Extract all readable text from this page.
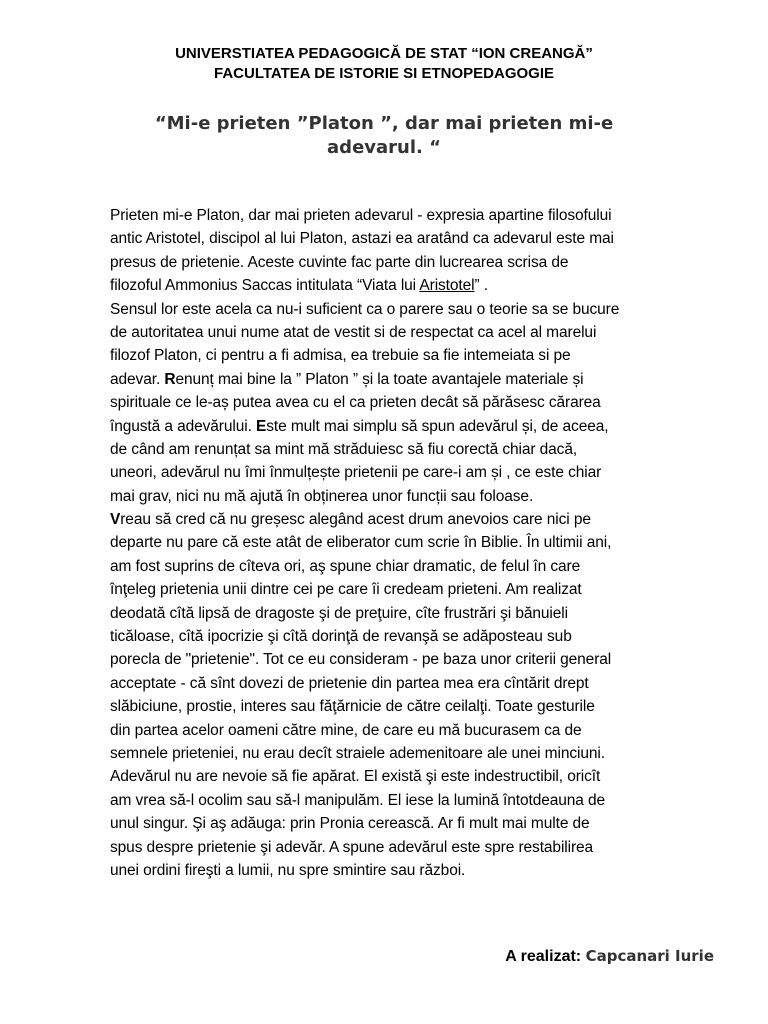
UNIVERSTIATEA PEDAGOGICĂ DE STAT “ION CREANGĂ”
FACULTATEA DE ISTORIE SI ETNOPEDAGOGIE
“Mi-e prieten ”Platon ”, dar mai prieten mi-e adevarul. “
Prieten mi-e Platon, dar mai prieten adevarul - expresia apartine filosofului
antic Aristotel, discipol al lui Platon, astazi ea aratând ca adevarul este mai
presus de prietenie. Aceste cuvinte fac parte din lucrearea scrisa de
filozoful Ammonius Saccas intitulata “Viata lui Aristotel” .
Sensul lor este acela ca nu-i suficient ca o parere sau o teorie sa se bucure
de autoritatea unui nume atat de vestit si de respectat ca acel al marelui
filozof Platon, ci pentru a fi admisa, ea trebuie sa fie intemeiata si pe
adevar. Renunț mai bine la ” Platon ” și la toate avantajele materiale și
spirituale ce le-aș putea avea cu el ca prieten decât să părăsesc cărarea
îngustă a adevărului. Este mult mai simplu să spun adevărul și, de aceea,
de când am renunțat sa mint mă străduiesc să fiu corectă chiar dacă,
uneori, adevărul nu îmi înmulțește prietenii pe care-i am și , ce este chiar
mai grav, nici nu mă ajută în obținerea unor funcții sau foloase.
Vreau să cred că nu greșesc alegând acest drum anevoios care nici pe
departe nu pare că este atât de eliberator cum scrie în Biblie. În ultimii ani,
am fost suprins de cîteva ori, aş spune chiar dramatic, de felul în care
înţeleg prietenia unii dintre cei pe care îi credeam prieteni. Am realizat
deodată cîtă lipsă de dragoste şi de preţuire, cîte frustrări şi bănuieli
ticăloase, cîtă ipocrizie şi cîtă dorinţă de revanşă se adăposteau sub
porecla de "prietenie". Tot ce eu consideram - pe baza unor criterii general
acceptate - că sînt dovezi de prietenie din partea mea era cîntărit drept
slăbiciune, prostie, interes sau făţărnicie de către ceilalţi. Toate gesturile
din partea acelor oameni către mine, de care eu mă bucurasem ca de
semnele prieteniei, nu erau decît straiele ademenitoare ale unei minciuni.
Adevărul nu are nevoie să fie apărat. El există şi este indestructibil, oricît
am vrea să-l ocolim sau să-l manipulăm. El iese la lumină întotdeauna de
unul singur. Şi aş adăuga: prin Pronia cerească. Ar fi mult mai multe de
spus despre prietenie şi adevăr. A spune adevărul este spre restabilirea
unei ordini fireşti a lumii, nu spre smintire sau război.
A realizat: Capcanari Iurie
